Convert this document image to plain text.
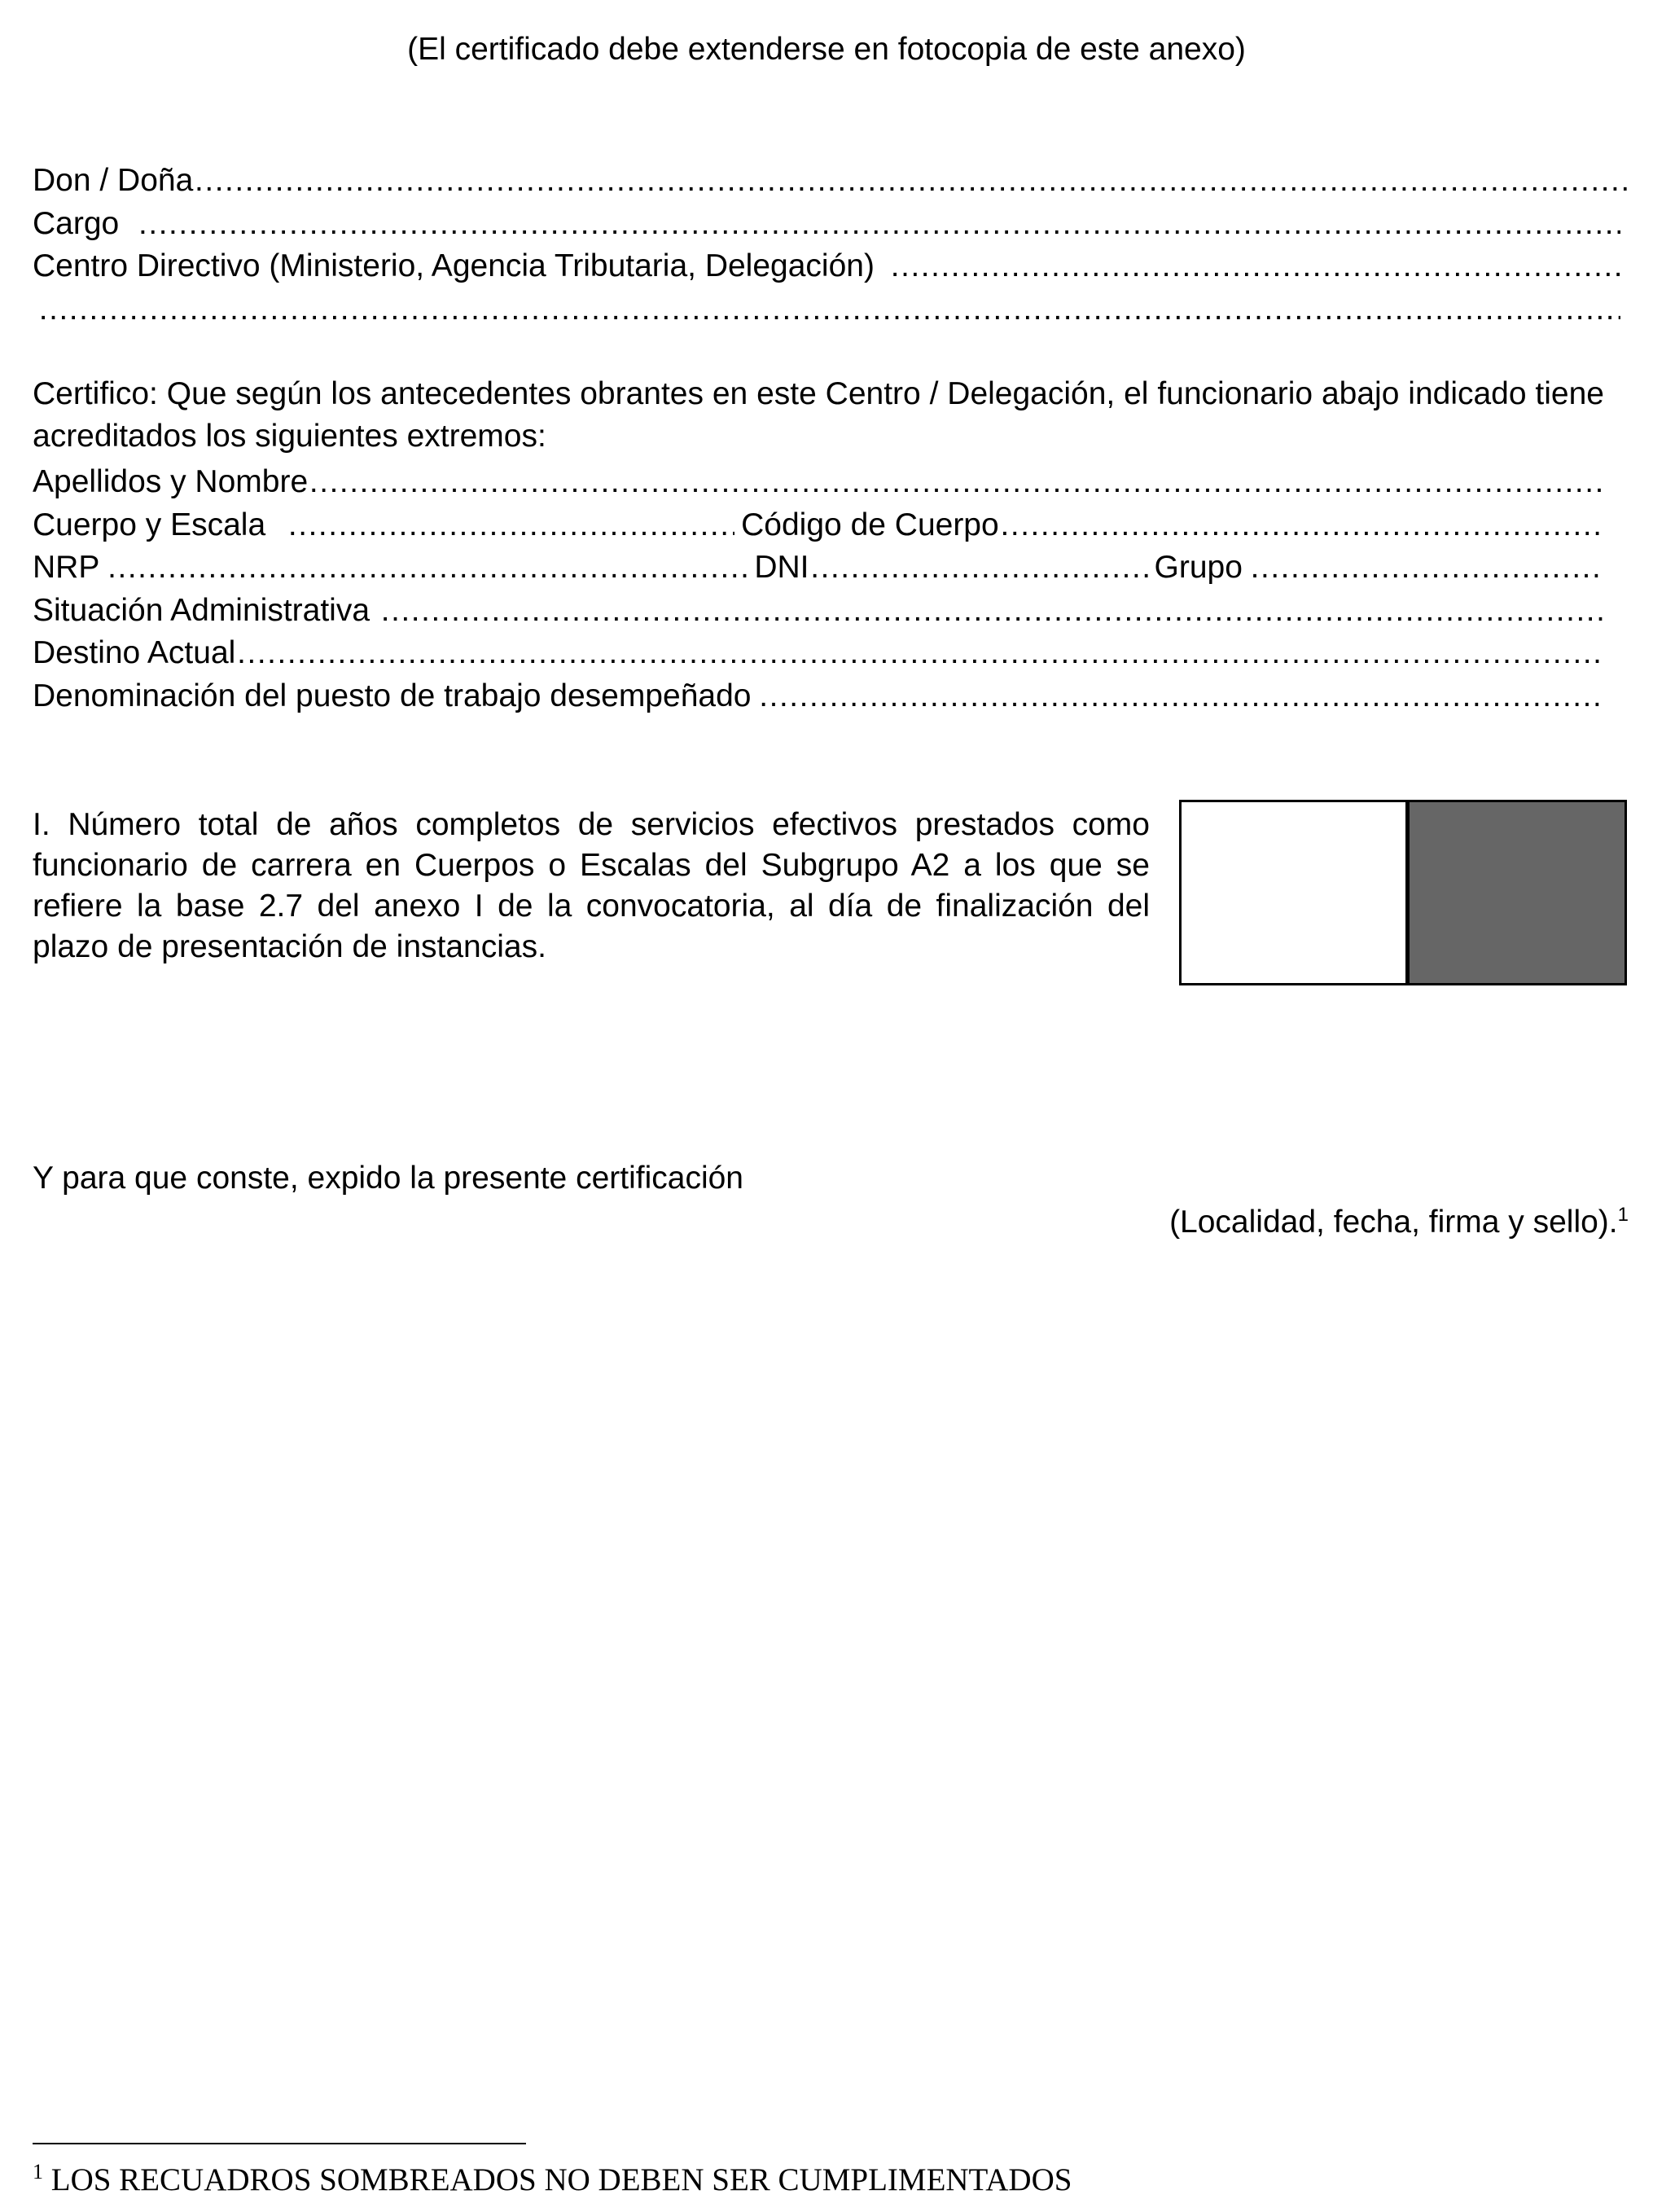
(El certificado debe extenderse en fotocopia de este anexo)
Don / Doña
………………………………………………………………………………………………………………………………………………………………………………………………………………………………………………
Cargo
………………………………………………………………………………………………………………………………………………………………………………………………………………………………………………
Centro Directivo (Ministerio, Agencia Tributaria, Delegación)
………………………………………………………………………………………………………………………………………………………………………………………………………………………………………………
………………………………………………………………………………………………………………………………………………………………………………………………………………………………………………
Certifico: Que según los antecedentes obrantes en este Centro / Delegación, el funcionario abajo indicado tiene acreditados los siguientes extremos:
Apellidos y Nombre
………………………………………………………………………………………………………………………………………………………………………………………………………………………………………………
Cuerpo y Escala ………………………………………………………………………………………………………………………………………………………………………………………………………………………………………………	Código de Cuerpo
………………………………………………………………………………………………………………………………………………………………………………………………………………………………………………
NRP ………………………………………………………………………………………………………………………………………………………………………………………………………………………………………………	DNI ………………………………………………………………………………………………………………………………………………………………………………………………………………………………………………	Grupo
………………………………………………………………………………………………………………………………………………………………………………………………………………………………………………
Situación Administrativa
………………………………………………………………………………………………………………………………………………………………………………………………………………………………………………
Destino Actual
………………………………………………………………………………………………………………………………………………………………………………………………………………………………………………
Denominación del puesto de trabajo desempeñado
………………………………………………………………………………………………………………………………………………………………………………………………………………………………………………
I. Número total de años completos de servicios efectivos prestados como funcionario de carrera en Cuerpos o Escalas del Subgrupo A2 a los que se refiere la base 2.7 del anexo I de la convocatoria, al día de finalización del plazo de presentación de instancias.
Y para que conste, expido la presente certificación
(Localidad, fecha, firma y sello).$^1$
$^1$ LOS RECUADROS SOMBREADOS NO DEBEN SER CUMPLIMENTADOS
